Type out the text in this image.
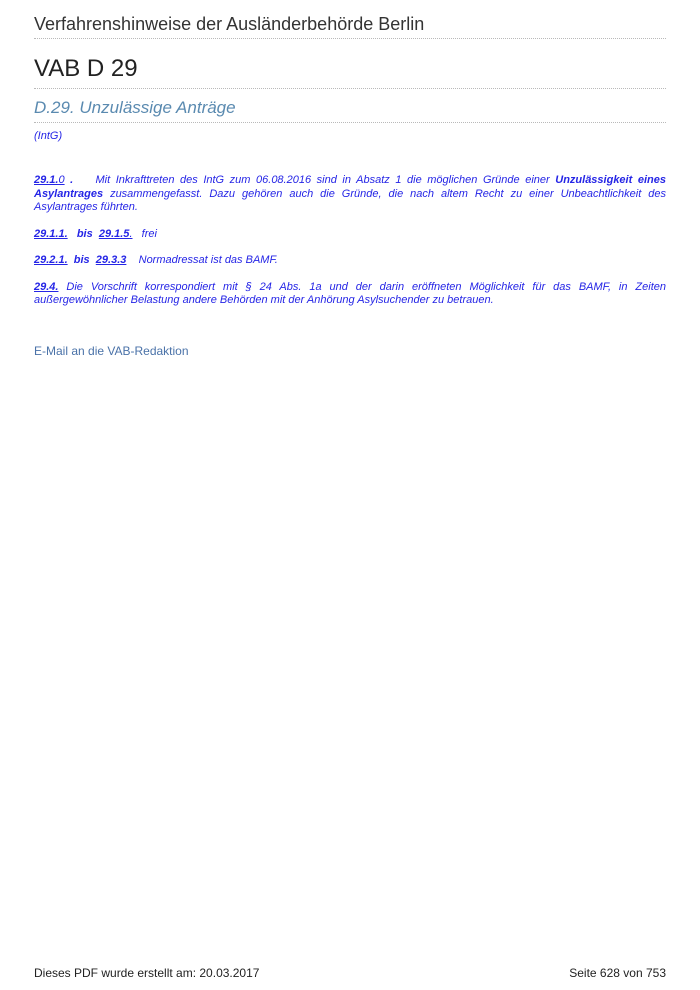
Verfahrenshinweise der Ausländerbehörde Berlin
VAB D 29
D.29. Unzulässige Anträge
(IntG)

29.1.0 . Mit Inkrafttreten des IntG zum 06.08.2016 sind in Absatz 1 die möglichen Gründe einer Unzulässigkeit eines Asylantrages zusammengefasst. Dazu gehören auch die Gründe, die nach altem Recht zu einer Unbeachtlichkeit des Asylantrages führten.

29.1.1. bis 29.1.5. frei

29.2.1. bis 29.3.3 Normadressat ist das BAMF.

29.4. Die Vorschrift korrespondiert mit § 24 Abs. 1a und der darin eröffneten Möglichkeit für das BAMF, in Zeiten außergewöhnlicher Belastung andere Behörden mit der Anhörung Asylsuchender zu betrauen.

E-Mail an die VAB-Redaktion
Dieses PDF wurde erstellt am: 20.03.2017	Seite 628 von 753
